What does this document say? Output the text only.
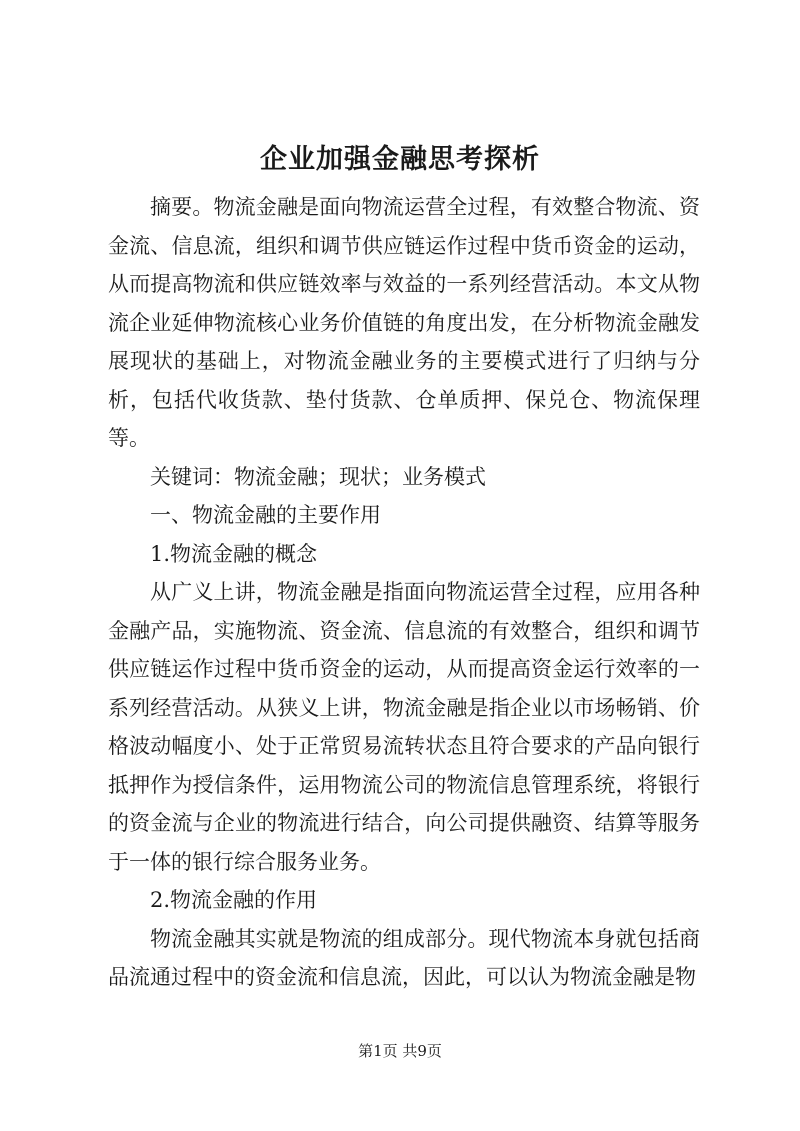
企业加强金融思考探析

摘要。物流金融是面向物流运营全过程，有效整合物流、资金流、信息流，组织和调节供应链运作过程中货币资金的运动，从而提高物流和供应链效率与效益的一系列经营活动。本文从物流企业延伸物流核心业务价值链的角度出发，在分析物流金融发展现状的基础上，对物流金融业务的主要模式进行了归纳与分析，包括代收货款、垫付货款、仓单质押、保兑仓、物流保理等。

关键词：物流金融；现状；业务模式

一、物流金融的主要作用

1.物流金融的概念

从广义上讲，物流金融是指面向物流运营全过程，应用各种金融产品，实施物流、资金流、信息流的有效整合，组织和调节供应链运作过程中货币资金的运动，从而提高资金运行效率的一系列经营活动。从狭义上讲，物流金融是指企业以市场畅销、价格波动幅度小、处于正常贸易流转状态且符合要求的产品向银行抵押作为授信条件，运用物流公司的物流信息管理系统，将银行的资金流与企业的物流进行结合，向公司提供融资、结算等服务于一体的银行综合服务业务。

2.物流金融的作用

物流金融其实就是物流的组成部分。现代物流本身就包括商品流通过程中的资金流和信息流，因此，可以认为物流金融是物

第1页 共9页
